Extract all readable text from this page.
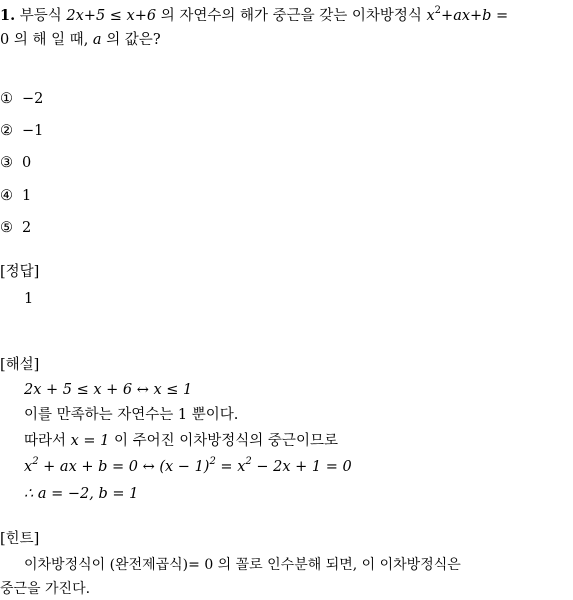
1. 부등식 2x+5 ≤ x+6 의 자연수의 해가 중근을 갖는 이차방정식 $x^2+ax+b$ =
0 의 해 일 때, a 의 값은?
① −2
② −1
③ 0
④ 1
⑤ 2
[정답]
1
[해설]
2x + 5 ≤ x + 6 ↔ x ≤ 1
이를 만족하는 자연수는 1 뿐이다.
따라서 x = 1 이 주어진 이차방정식의 중근이므로
$x^2$ + ax + b = 0 ↔ $(x - 1)^2 = x^2 - 2x + 1 = 0$
∴ a = −2, b = 1
[힌트]
이차방정식이 (완전제곱식)= 0 의 꼴로 인수분해 되면, 이 이차방정식은
중근을 가진다.
